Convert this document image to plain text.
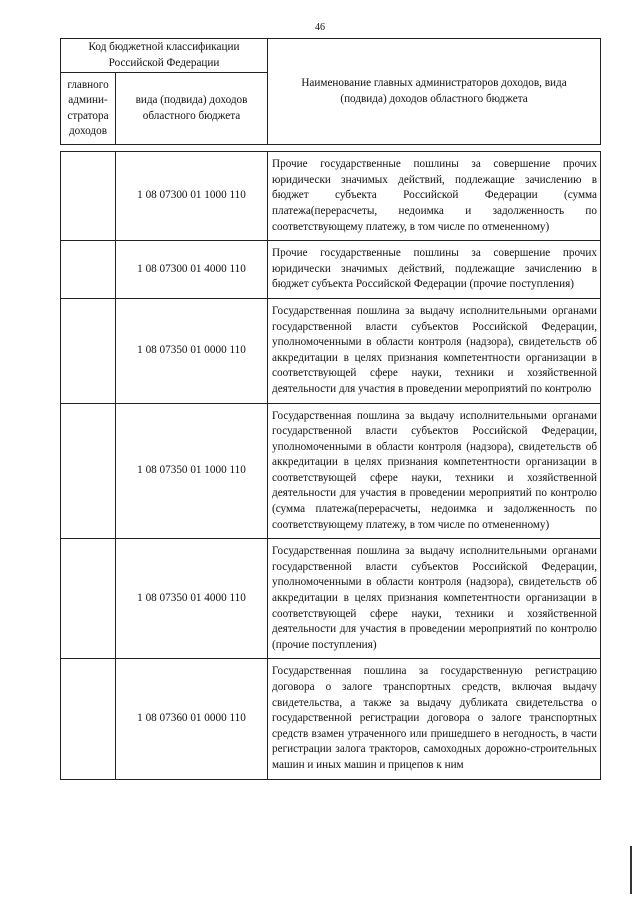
46
Код бюджетной классификации Российской Федерации		Наименование главных администраторов доходов, вида (подвида) доходов областного бюджета
главного админи-стратора доходов	вида (подвида) доходов областного бюджета	

	1 08 07300 01 1000 110	Прочие государственные пошлины за совершение прочих юридически значимых действий, подлежащие зачислению в бюджет субъекта Российской Федерации (сумма платежа(перерасчеты, недоимка и задолженность по соответствующему платежу, в том числе по отмененному)
	1 08 07300 01 4000 110	Прочие государственные пошлины за совершение прочих юридически значимых действий, подлежащие зачислению в бюджет субъекта Российской Федерации (прочие поступления)
	1 08 07350 01 0000 110	Государственная пошлина за выдачу исполнительными органами государственной власти субъектов Российской Федерации, уполномоченными в области контроля (надзора), свидетельств об аккредитации в целях признания компетентности организации в соответствующей сфере науки, техники и хозяйственной деятельности для участия в проведении мероприятий по контролю
	1 08 07350 01 1000 110	Государственная пошлина за выдачу исполнительными органами государственной власти субъектов Российской Федерации, уполномоченными в области контроля (надзора), свидетельств об аккредитации в целях признания компетентности организации в соответствующей сфере науки, техники и хозяйственной деятельности для участия в проведении мероприятий по контролю (сумма платежа(перерасчеты, недоимка и задолженность по соответствующему платежу, в том числе по отмененному)
	1 08 07350 01 4000 110	Государственная пошлина за выдачу исполнительными органами государственной власти субъектов Российской Федерации, уполномоченными в области контроля (надзора), свидетельств об аккредитации в целях признания компетентности организации в соответствующей сфере науки, техники и хозяйственной деятельности для участия в проведении мероприятий по контролю (прочие поступления)
	1 08 07360 01 0000 110	Государственная пошлина за государственную регистрацию договора о залоге транспортных средств, включая выдачу свидетельства, а также за выдачу дубликата свидетельства о государственной регистрации договора о залоге транспортных средств взамен утраченного или пришедшего в негодность, в части регистрации залога тракторов, самоходных дорожно-строительных машин и иных машин и прицепов к ним
